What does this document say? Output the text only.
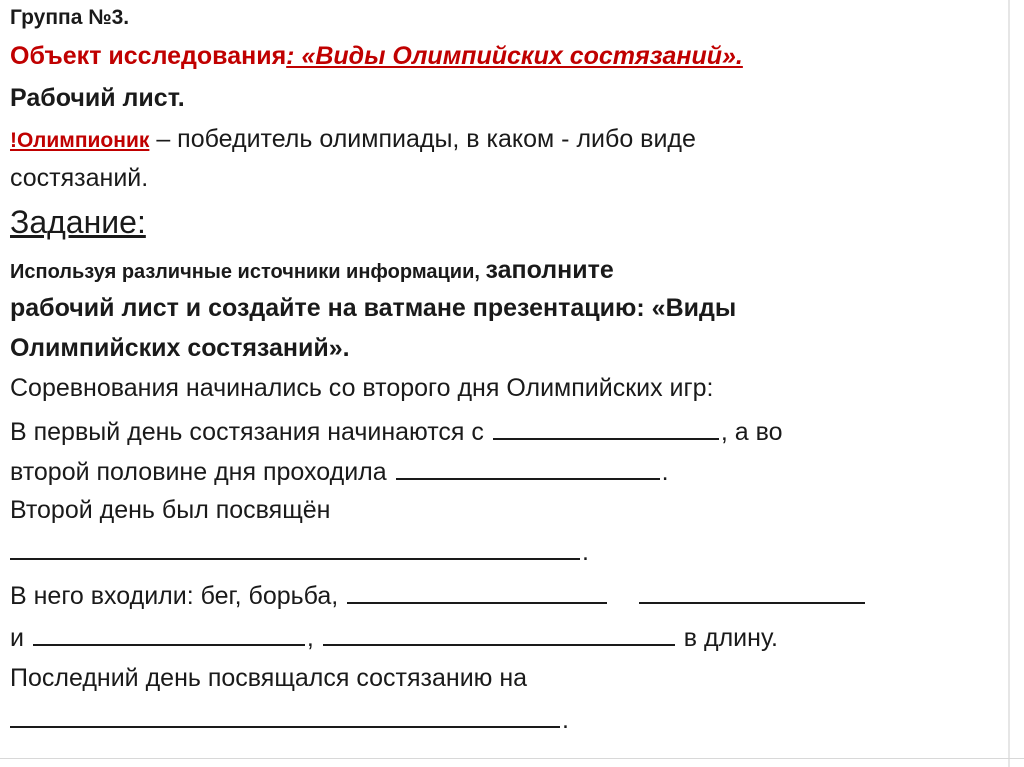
Группа №3.
Объект исследования: «Виды Олимпийских состязаний».
Рабочий лист.
!Олимпионик – победитель олимпиады, в каком - либо виде
состязаний.
Задание:
Используя различные источники информации, заполните
рабочий лист и создайте на ватмане презентацию: «Виды
Олимпийских состязаний».
Соревнования начинались со второго дня Олимпийских игр:
В первый день состязания начинаются с	, а во
второй половине дня проходила	.
Второй день был посвящён
.
В него входили: бег, борьба,
и	,	в длину.
Последний день посвящался состязанию на
.
